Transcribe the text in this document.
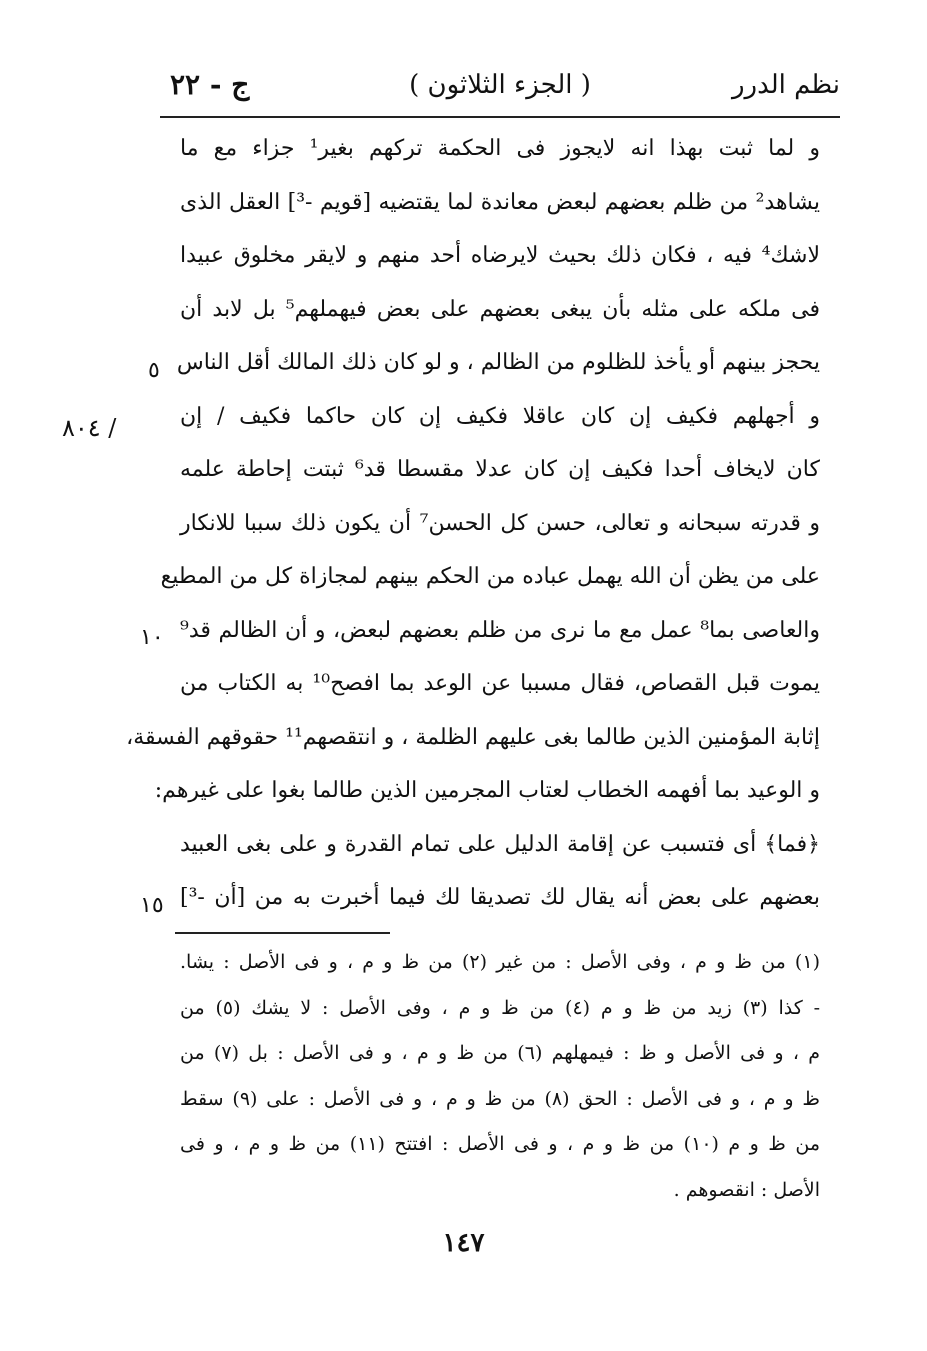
نظم الدرر
( الجزء الثلاثون )
ج - ٢٢
و لما ثبت بهذا انه لايجوز فى الحكمة تركهم بغير¹ جزاء مع ما
يشاهد² من ظلم بعضهم لبعض معاندة لما يقتضيه [قويم -³] العقل الذى
لاشك⁴ فيه ، فكان ذلك بحيث لايرضاه أحد منهم و لايقر مخلوق عبيدا
فى ملكه على مثله بأن يبغى بعضهم على بعض فيهملهم⁵ بل لابد أن
يحجز بينهم أو يأخذ للظلوم من الظالم ، و لو كان ذلك المالك أقل الناس
و أجهلهم فكيف إن كان عاقلا فكيف إن كان حاكما فكيف / إن
كان لايخاف أحدا فكيف إن كان عدلا مقسطا قد⁶ ثبتت إحاطة علمه
و قدرته سبحانه و تعالى، حسن كل الحسن⁷ أن يكون ذلك سببا للانكار
على من يظن أن الله يهمل عباده من الحكم بينهم لمجازاة كل من المطيع
والعاصى بما⁸ عمل مع ما نرى من ظلم بعضهم لبعض، و أن الظالم قد⁹
يموت قبل القصاص، فقال مسببا عن الوعد بما افصح¹⁰ به الكتاب من
إثابة المؤمنين الذين طالما بغى عليهم الظلمة ، و انتقصهم¹¹ حقوقهم الفسقة،
و الوعيد بما أفهمه الخطاب لعتاب المجرمين الذين طالما بغوا على غيرهم:
﴿فما﴾ أى فتسبب عن إقامة الدليل على تمام القدرة و على بغى العبيد
بعضهم على بعض أنه يقال لك تصديقا لك فيما أخبرت به من [أن -³]
٥
١٠
١٥
/ ٨٠٤
(١) من ظ و م ، وفى الأصل : من غير (٢) من ظ و م ، و فى الأصل : يشا.
- كذا (٣) زيد من ظ و م (٤) من ظ و م ، وفى الأصل : لا يشك (٥) من
م ، و فى الأصل و ظ : فيمهلهم (٦) من ظ و م ، و فى الأصل : بل (٧) من
ظ و م ، و فى الأصل : الحق (٨) من ظ و م ، و فى الأصل : على (٩) سقط
من ظ و م (١٠) من ظ و م ، و فى الأصل : افتتح (١١) من ظ و م ، و فى
الأصل : انقصوهم .
١٤٧
